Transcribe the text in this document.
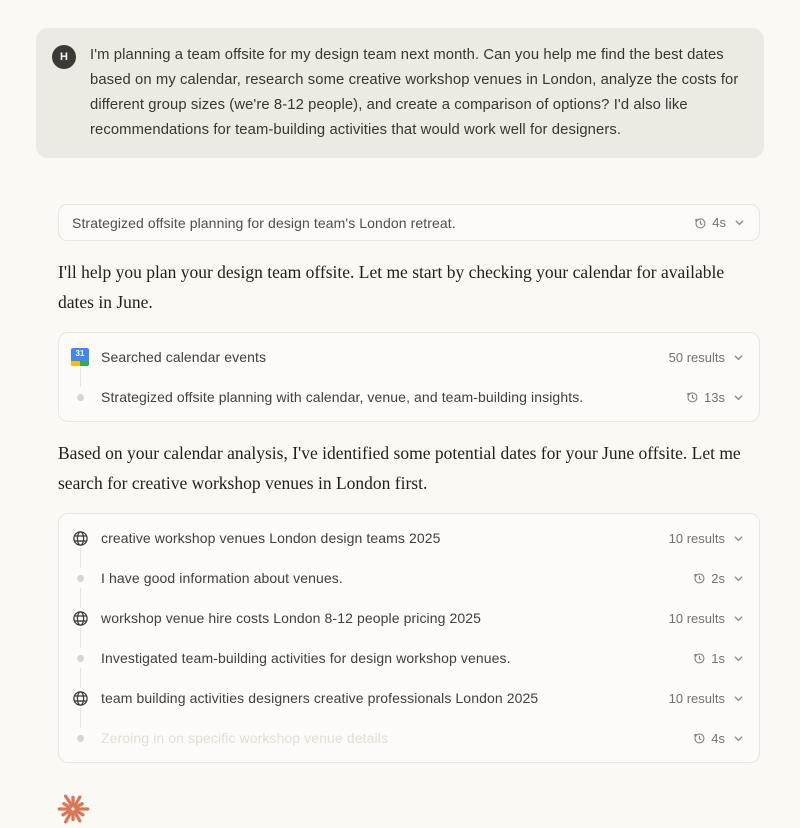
H	I'm planning a team offsite for my design team next month. Can you help me find the best dates based on my calendar, research some creative workshop venues in London, analyze the costs for different group sizes (we're 8-12 people), and create a comparison of options? I'd also like recommendations for team-building activities that would work well for designers.
Strategized offsite planning for design team's London retreat.	4s

I'll help you plan your design team offsite. Let me start by checking your calendar for available dates in June.

31	Searched calendar events	50 results
Strategized offsite planning with calendar, venue, and team-building insights.	13s

Based on your calendar analysis, I've identified some potential dates for your June offsite. Let me search for creative workshop venues in London first.

creative workshop venues London design teams 2025	10 results
I have good information about venues.	2s
workshop venue hire costs London 8-12 people pricing 2025	10 results
Investigated team-building activities for design workshop venues.	1s
team building activities designers creative professionals London 2025	10 results
Zeroing in on specific workshop venue details	4s
